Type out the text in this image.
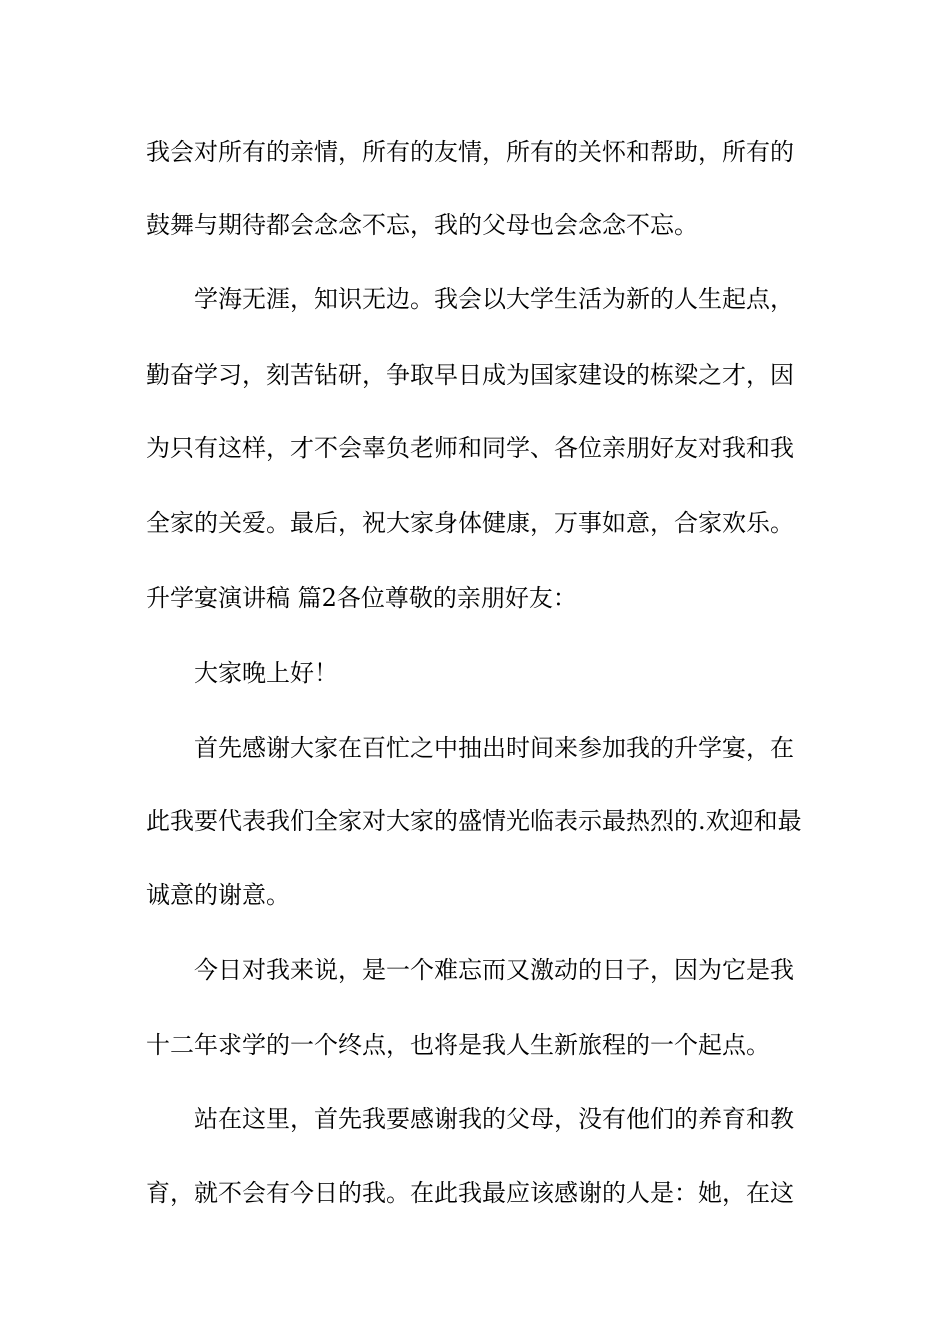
我会对所有的亲情，所有的友情，所有的关怀和帮助，所有的
鼓舞与期待都会念念不忘，我的父母也会念念不忘。
学海无涯，知识无边。我会以大学生活为新的人生起点，
勤奋学习，刻苦钻研，争取早日成为国家建设的栋梁之才，因
为只有这样，才不会辜负老师和同学、各位亲朋好友对我和我
全家的关爱。最后，祝大家身体健康，万事如意，合家欢乐。
升学宴演讲稿 篇2各位尊敬的亲朋好友：
大家晚上好！
首先感谢大家在百忙之中抽出时间来参加我的升学宴，在
此我要代表我们全家对大家的盛情光临表示最热烈的.欢迎和最
诚意的谢意。
今日对我来说，是一个难忘而又激动的日子，因为它是我
十二年求学的一个终点，也将是我人生新旅程的一个起点。
站在这里，首先我要感谢我的父母，没有他们的养育和教
育，就不会有今日的我。在此我最应该感谢的人是：她，在这
